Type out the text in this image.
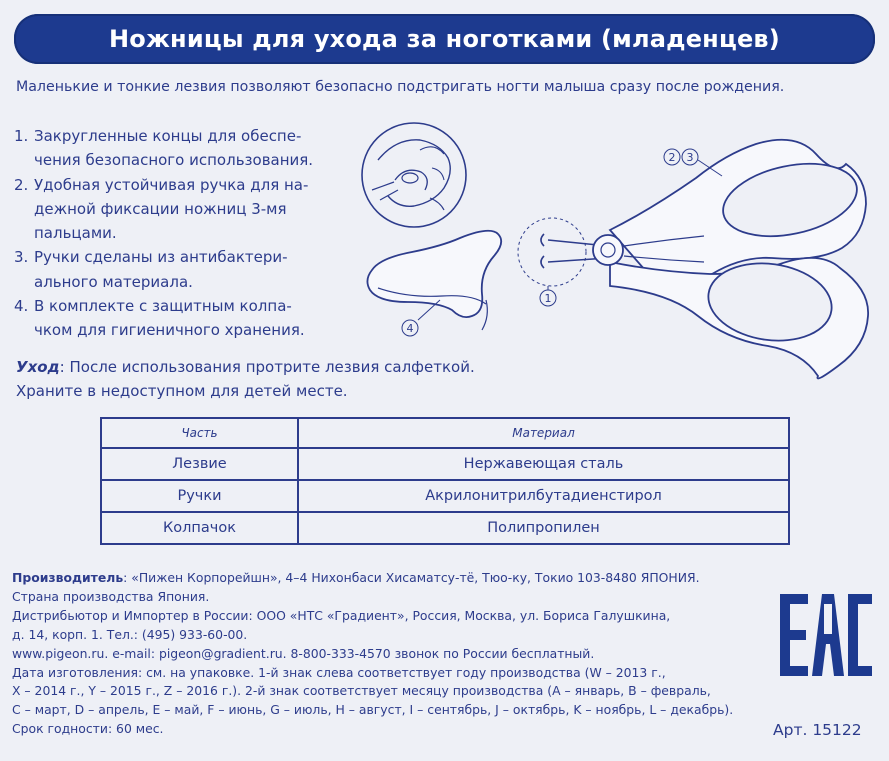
Ножницы для ухода за ноготками (младенцев)
Маленькие и тонкие лезвия позволяют безопасно подстригать ногти малыша сразу после рождения.
1. Закругленные концы для обеспе-
чения безопасного использования.
2. Удобная устойчивая ручка для на-
дежной фиксации ножниц 3-мя
пальцами.
3. Ручки сделаны из антибактери-
ального материала.
4. В комплекте с защитным колпа-
чком для гигиеничного хранения.	4
1
2 3
Уход: После использования протрите лезвия салфеткой.
Храните в недоступном для детей месте.
Часть	Материал
Лезвие	Нержавеющая сталь
Ручки	Акрилонитрилбутадиенстирол
Колпачок	Полипропилен
Производитель: «Пижен Корпорейшн», 4–4 Нихонбаси Хисаматсу-тё, Тюо-ку, Токио 103-8480 ЯПОНИЯ.
Страна производства Япония.
Дистрибьютор и Импортер в России: ООО «НТС «Градиент», Россия, Москва, ул. Бориса Галушкина,
д. 14, корп. 1. Тел.: (495) 933-60-00.
www.pigeon.ru. e-mail: pigeon@gradient.ru. 8-800-333-4570 звонок по России бесплатный.
Дата изготовления: см. на упаковке. 1-й знак слева соответствует году производства (W – 2013 г.,
X – 2014 г., Y – 2015 г., Z – 2016 г.). 2-й знак соответствует месяцу производства (A – январь, B – февраль,
C – март, D – апрель, E – май, F – июнь, G – июль, H – август, I – сентябрь, J – октябрь, K – ноябрь, L – декабрь).
Срок годности: 60 мес.	Арт. 15122
